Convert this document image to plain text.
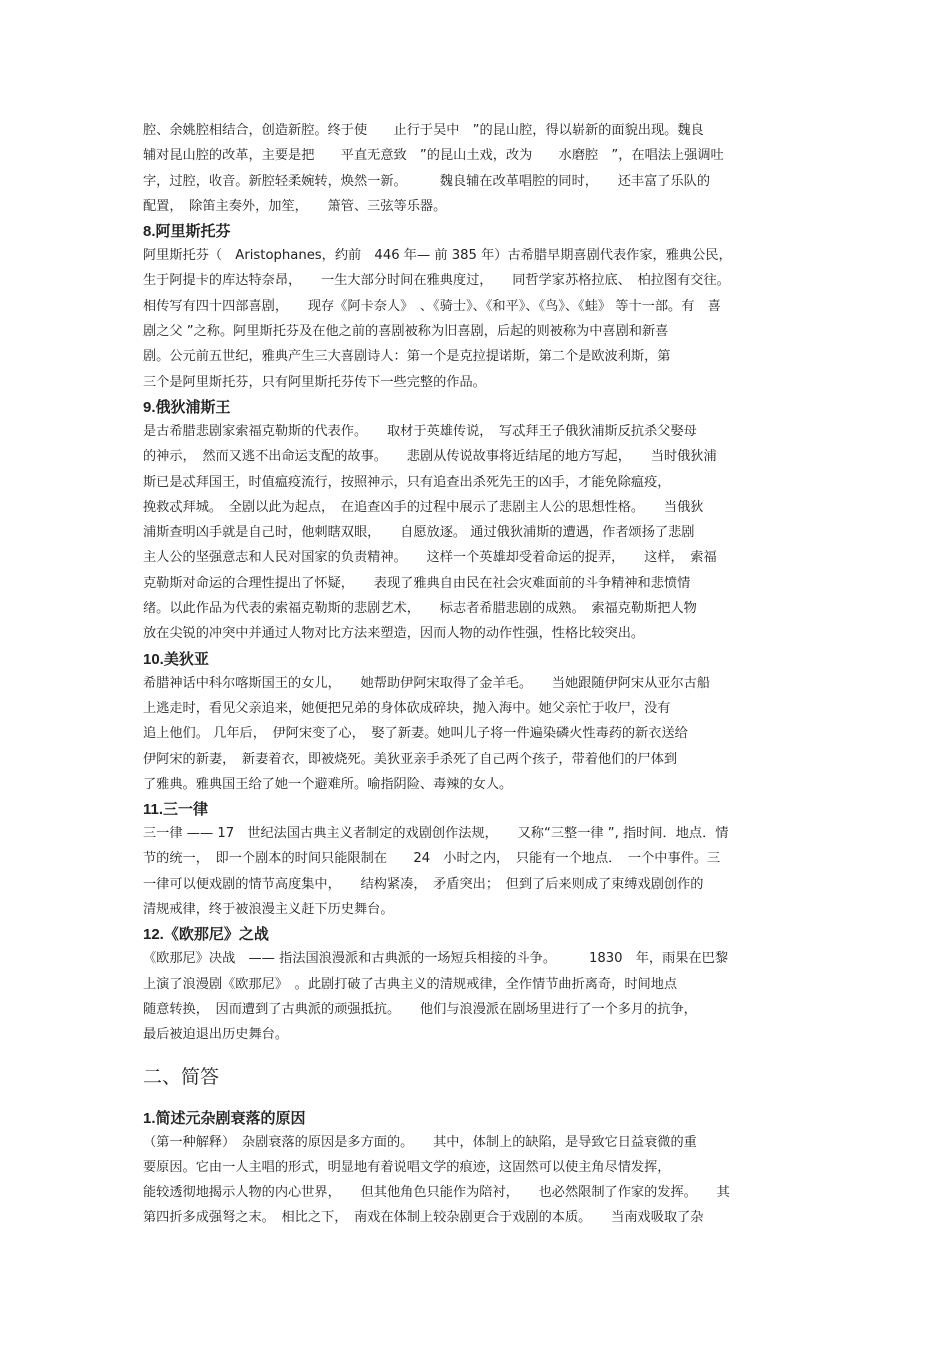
腔、余姚腔相结合，创造新腔。终于使　　止行于吴中　”的昆山腔，得以崭新的面貌出现。魏良
辅对昆山腔的改革，主要是把　　平直无意致　”的昆山土戏，改为　　水磨腔　”，在唱法上强调吐
字，过腔，收音。新腔轻柔婉转，焕然一新。　　　魏良辅在改革唱腔的同时，　　还丰富了乐队的
配置，　除笛主奏外，加笙，　　箫管、三弦等乐器。
8.阿里斯托芬
阿里斯托芬（　Aristophanes，约前　446 年— 前 385 年）古希腊早期喜剧代表作家，雅典公民，
生于阿提卡的库达特奈昂，　　一生大部分时间在雅典度过，　　同哲学家苏格拉底、　柏拉图有交往。
相传写有四十四部喜剧，　　现存《阿卡奈人》　、《骑士》、《和平》、《鸟》、《蛙》 等十一部。有　喜
剧之父 ”之称。阿里斯托芬及在他之前的喜剧被称为旧喜剧，后起的则被称为中喜剧和新喜
剧。公元前五世纪，雅典产生三大喜剧诗人：第一个是克拉提诺斯，第二个是欧波利斯，第
三个是阿里斯托芬，只有阿里斯托芬传下一些完整的作品。
9.俄狄浦斯王
是古希腊悲剧家索福克勒斯的代表作。　　取材于英雄传说，　写忒拜王子俄狄浦斯反抗杀父娶母
的神示，　然而又逃不出命运支配的故事。　　悲剧从传说故事将近结尾的地方写起，　　当时俄狄浦
斯已是忒拜国王，时值瘟疫流行，按照神示，只有追查出杀死先王的凶手，才能免除瘟疫，
挽救忒拜城。　全剧以此为起点，　在追查凶手的过程中展示了悲剧主人公的思想性格。　　当俄狄
浦斯查明凶手就是自己时，他刺瞎双眼，　　自愿放逐。 通过俄狄浦斯的遭遇，作者颂扬了悲剧
主人公的坚强意志和人民对国家的负责精神。　　这样一个英雄却受着命运的捉弄，　　这样，　索福
克勒斯对命运的合理性提出了怀疑，　　表现了雅典自由民在社会灾难面前的斗争精神和悲愤情
绪。以此作品为代表的索福克勒斯的悲剧艺术，　　标志者希腊悲剧的成熟。　索福克勒斯把人物
放在尖锐的冲突中并通过人物对比方法来塑造，因而人物的动作性强，性格比较突出。
10.美狄亚
希腊神话中科尔喀斯国王的女儿，　　她帮助伊阿宋取得了金羊毛。　　当她跟随伊阿宋从亚尔古船
上逃走时，看见父亲追来，她便把兄弟的身体砍成碎块，抛入海中。她父亲忙于收尸，没有
追上他们。 几年后，　伊阿宋变了心，　娶了新妻。她叫儿子将一件遍染磷火性毒药的新衣送给
伊阿宋的新妻，　新妻着衣，即被烧死。美狄亚亲手杀死了自己两个孩子，带着他们的尸体到
了雅典。雅典国王给了她一个避难所。喻指阴险、毒辣的女人。
11.三一律
三一律 —— 17　世纪法国古典主义者制定的戏剧创作法规，　　又称“三整一律 ”, 指时间．地点．情
节的统一，　即一个剧本的时间只能限制在　　24　小时之内，　只能有一个地点．　一个中事件。三
一律可以便戏剧的情节高度集中，　　结构紧凑，　矛盾突出；　但到了后来则成了束缚戏剧创作的
清规戒律，终于被浪漫主义赶下历史舞台。
12.《欧那尼》之战
《欧那尼》决战　—— 指法国浪漫派和古典派的一场短兵相接的斗争。　　　1830　年，雨果在巴黎
上演了浪漫剧《欧那尼》　。此剧打破了古典主义的清规戒律，全作情节曲折离奇，时间地点
随意转换，　因而遭到了古典派的顽强抵抗。　　他们与浪漫派在剧场里进行了一个多月的抗争，
最后被迫退出历史舞台。
二、简答
1.简述元杂剧衰落的原因
（第一种解释）　杂剧衰落的原因是多方面的。　　其中，体制上的缺陷，是导致它日益衰微的重
要原因。它由一人主唱的形式，明显地有着说唱文学的痕迹，这固然可以使主角尽情发挥，
能较透彻地揭示人物的内心世界，　　但其他角色只能作为陪衬，　　也必然限制了作家的发挥。　　其
第四折多成强弩之末。　相比之下，　南戏在体制上较杂剧更合于戏剧的本质。　　当南戏吸取了杂
